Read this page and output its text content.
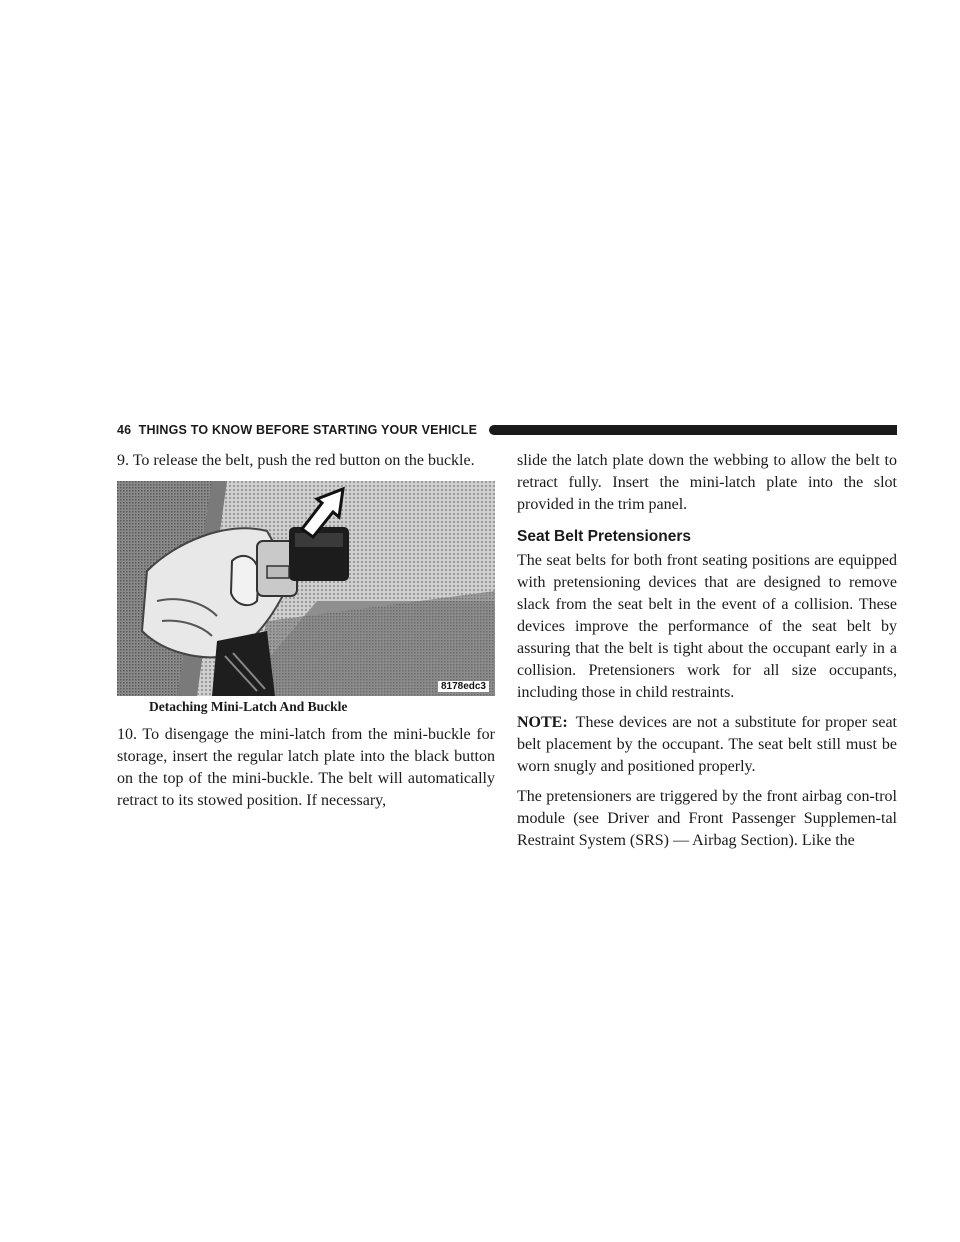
46 THINGS TO KNOW BEFORE STARTING YOUR VEHICLE

9. To release the belt, push the red button on the buckle.

8178edc3
Detaching Mini-Latch And Buckle

10. To disengage the mini-latch from the mini-buckle for storage, insert the regular latch plate into the black button on the top of the mini-buckle. The belt will automatically retract to its stowed position. If necessary,

slide the latch plate down the webbing to allow the belt to retract fully. Insert the mini-latch plate into the slot provided in the trim panel.

Seat Belt Pretensioners

The seat belts for both front seating positions are equipped with pretensioning devices that are designed to remove slack from the seat belt in the event of a collision. These devices improve the performance of the seat belt by assuring that the belt is tight about the occupant early in a collision. Pretensioners work for all size occupants, including those in child restraints.

NOTE: These devices are not a substitute for proper seat belt placement by the occupant. The seat belt still must be worn snugly and positioned properly.

The pretensioners are triggered by the front airbag con-trol module (see Driver and Front Passenger Supplemen-tal Restraint System (SRS) — Airbag Section). Like the
